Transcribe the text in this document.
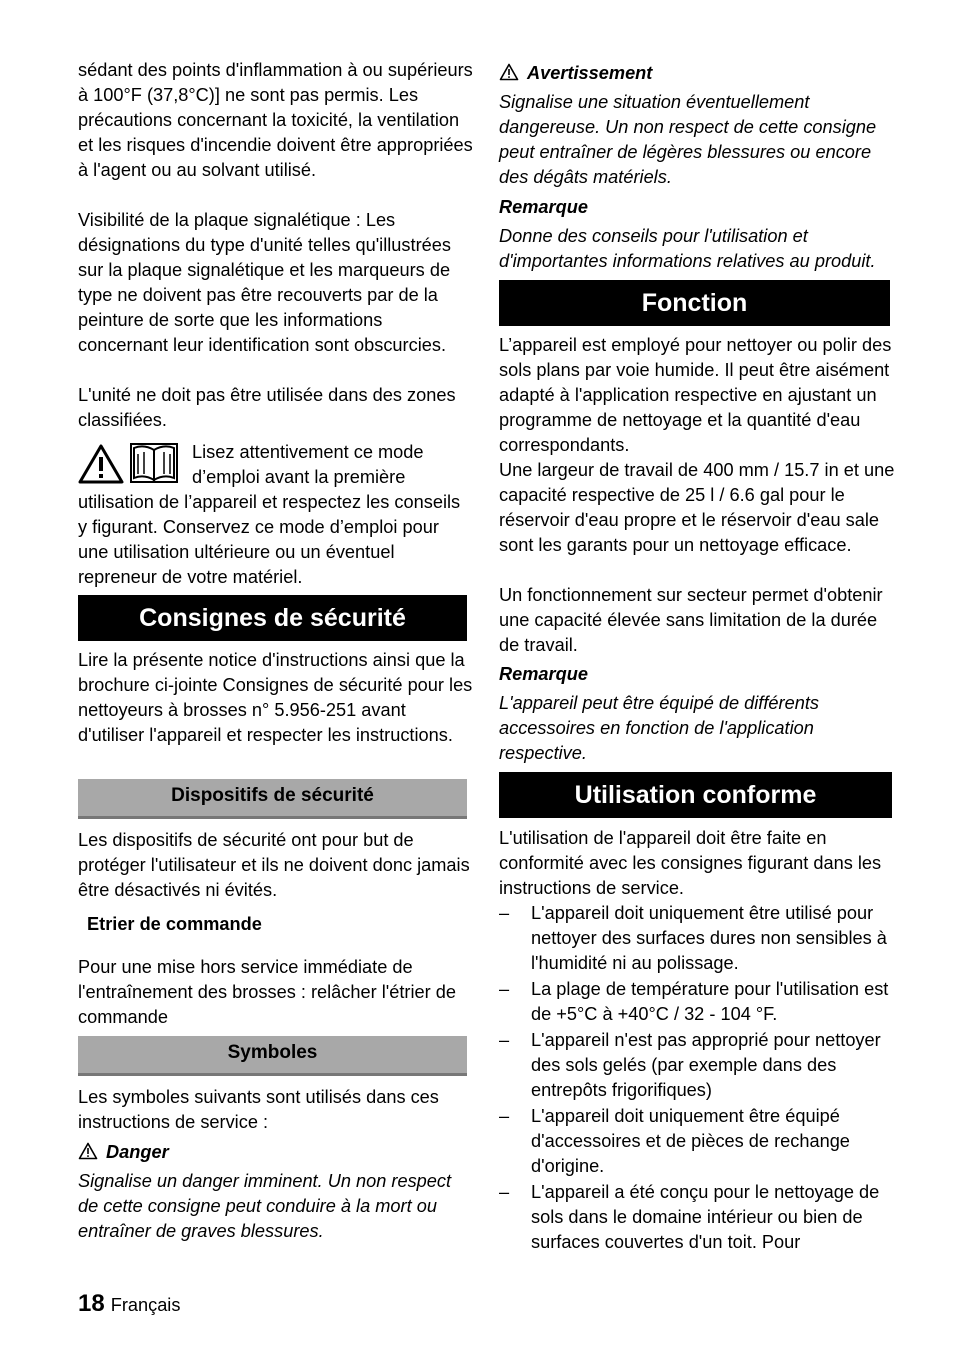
sédant des points d'inflammation à ou supérieurs à 100°F (37,8°C)] ne sont pas permis. Les précautions concernant la toxicité, la ventilation et les risques d'incendie doivent être appropriées à l'agent ou au solvant utilisé.

Visibilité de la plaque signalétique : Les désignations du type d'unité telles qu'illustrées sur la plaque signalétique et les marqueurs de type ne doivent pas être recouverts par de la peinture de sorte que les informations concernant leur identification sont obscurcies.

L'unité ne doit pas être utilisée dans des zones classifiées.

Lisez attentivement ce mode d’emploi avant la première utilisation de l’appareil et respectez les conseils y figurant. Conservez ce mode d’emploi pour une utilisation ultérieure ou un éventuel repreneur de votre matériel.

Consignes de sécurité

Lire la présente notice d'instructions ainsi que la brochure ci-jointe Consignes de sécurité pour les nettoyeurs à brosses n° 5.956-251 avant d'utiliser l'appareil et respecter les instructions.

Dispositifs de sécurité

Les dispositifs de sécurité ont pour but de protéger l'utilisateur et ils ne doivent donc jamais être désactivés ni évités.

Etrier de commande

Pour une mise hors service immédiate de l'entraînement des brosses : relâcher l'étrier de commande

Symboles

Les symboles suivants sont utilisés dans ces instructions de service :

Danger

Signalise un danger imminent. Un non respect de cette consigne peut conduire à la mort ou entraîner de graves blessures.

Avertissement

Signalise une situation éventuellement dangereuse. Un non respect de cette consigne peut entraîner de légères blessures ou encore des dégâts matériels.

Remarque

Donne des conseils pour l'utilisation et d'importantes informations relatives au produit.

Fonction

L’appareil est employé pour nettoyer ou polir des sols plans par voie humide. Il peut être aisément adapté à l'application respective en ajustant un programme de nettoyage et la quantité d'eau correspondants.

Une largeur de travail de 400 mm / 15.7 in et une capacité respective de 25 l / 6.6 gal pour le réservoir d'eau propre et le réservoir d'eau sale sont les garants pour un nettoyage efficace.

Un fonctionnement sur secteur permet d'obtenir une capacité élevée sans limitation de la durée de travail.

Remarque

L'appareil peut être équipé de différents accessoires en fonction de l'application respective.

Utilisation conforme

L'utilisation de l'appareil doit être faite en conformité avec les consignes figurant dans les instructions de service.

– L'appareil doit uniquement être utilisé pour nettoyer des surfaces dures non sensibles à l'humidité ni au polissage.
– La plage de température pour l'utilisation est de +5°C à +40°C / 32 - 104 °F.
– L'appareil n'est pas approprié pour nettoyer des sols gelés (par exemple dans des entrepôts frigorifiques)
– L'appareil doit uniquement être équipé d'accessoires et de pièces de rechange d'origine.
– L'appareil a été conçu pour le nettoyage de sols dans le domaine intérieur ou bien de surfaces couvertes d'un toit. Pour
18 Français
